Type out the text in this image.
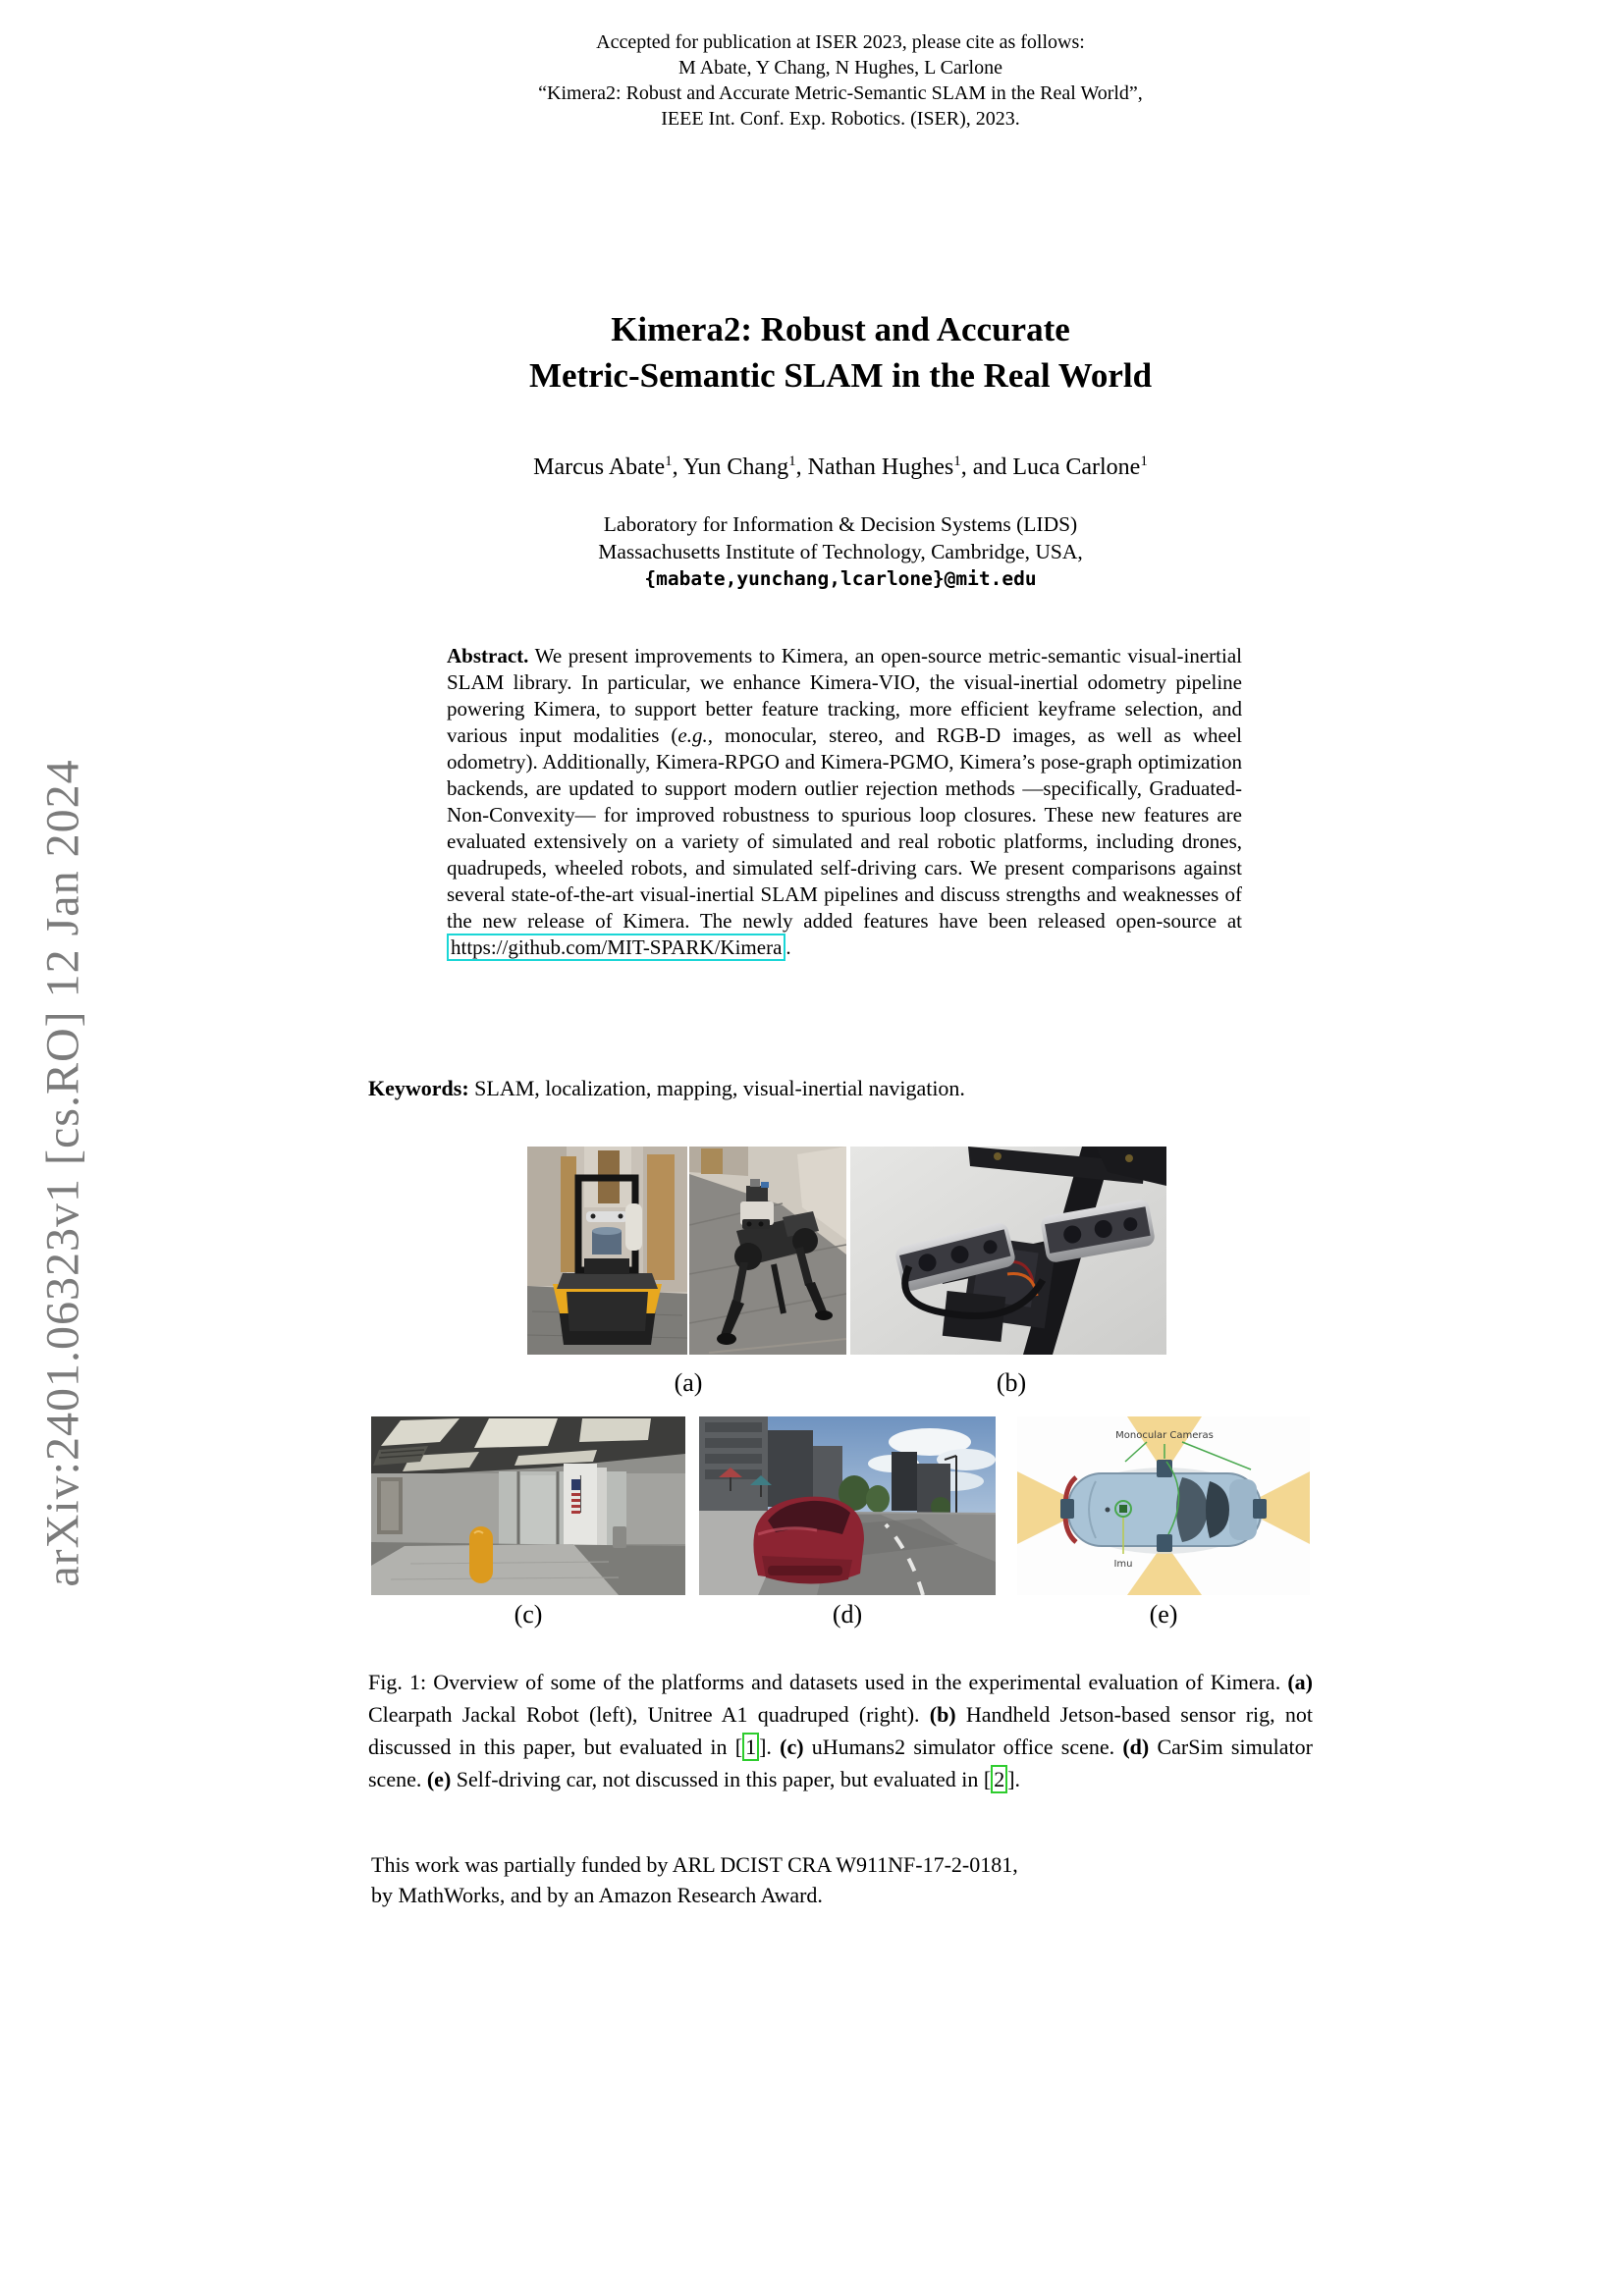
arXiv:2401.06323v1 [cs.RO] 12 Jan 2024
Accepted for publication at ISER 2023, please cite as follows:
M Abate, Y Chang, N Hughes, L Carlone
“Kimera2: Robust and Accurate Metric-Semantic SLAM in the Real World”,
IEEE Int. Conf. Exp. Robotics. (ISER), 2023.
Kimera2: Robust and Accurate
Metric-Semantic SLAM in the Real World
Marcus Abate$^1$, Yun Chang$^1$, Nathan Hughes$^1$, and Luca Carlone$^1$
Laboratory for Information & Decision Systems (LIDS)
Massachusetts Institute of Technology, Cambridge, USA,
{mabate,yunchang,lcarlone}@mit.edu
Abstract. We present improvements to Kimera, an open-source metric-semantic visual-inertial SLAM library. In particular, we enhance Kimera-VIO, the visual-inertial odometry pipeline powering Kimera, to support better feature tracking, more efficient keyframe selection, and various input modalities (e.g., monocular, stereo, and RGB-D images, as well as wheel odometry). Additionally, Kimera-RPGO and Kimera-PGMO, Kimera’s pose-graph optimization backends, are updated to support modern outlier rejection methods —specifically, Graduated-Non-Convexity— for improved robustness to spurious loop closures. These new features are evaluated extensively on a variety of simulated and real robotic platforms, including drones, quadrupeds, wheeled robots, and simulated self-driving cars. We present comparisons against several state-of-the-art visual-inertial SLAM pipelines and discuss strengths and weaknesses of the new release of Kimera. The newly added features have been released open-source at https://github.com/MIT-SPARK/Kimera .
Keywords: SLAM, localization, mapping, visual-inertial navigation.
(a)	(b)
Monocular Cameras
Imu
(c)	(d)	(e)
Fig. 1: Overview of some of the platforms and datasets used in the experimental evaluation of Kimera. (a) Clearpath Jackal Robot (left), Unitree A1 quadruped (right). (b) Handheld Jetson-based sensor rig, not discussed in this paper, but evaluated in [ 1 ]. (c) uHumans2 simulator office scene. (d) CarSim simulator scene. (e) Self-driving car, not discussed in this paper, but evaluated in [ 2 ].
This work was partially funded by ARL DCIST CRA W911NF-17-2-0181,
by MathWorks, and by an Amazon Research Award.
